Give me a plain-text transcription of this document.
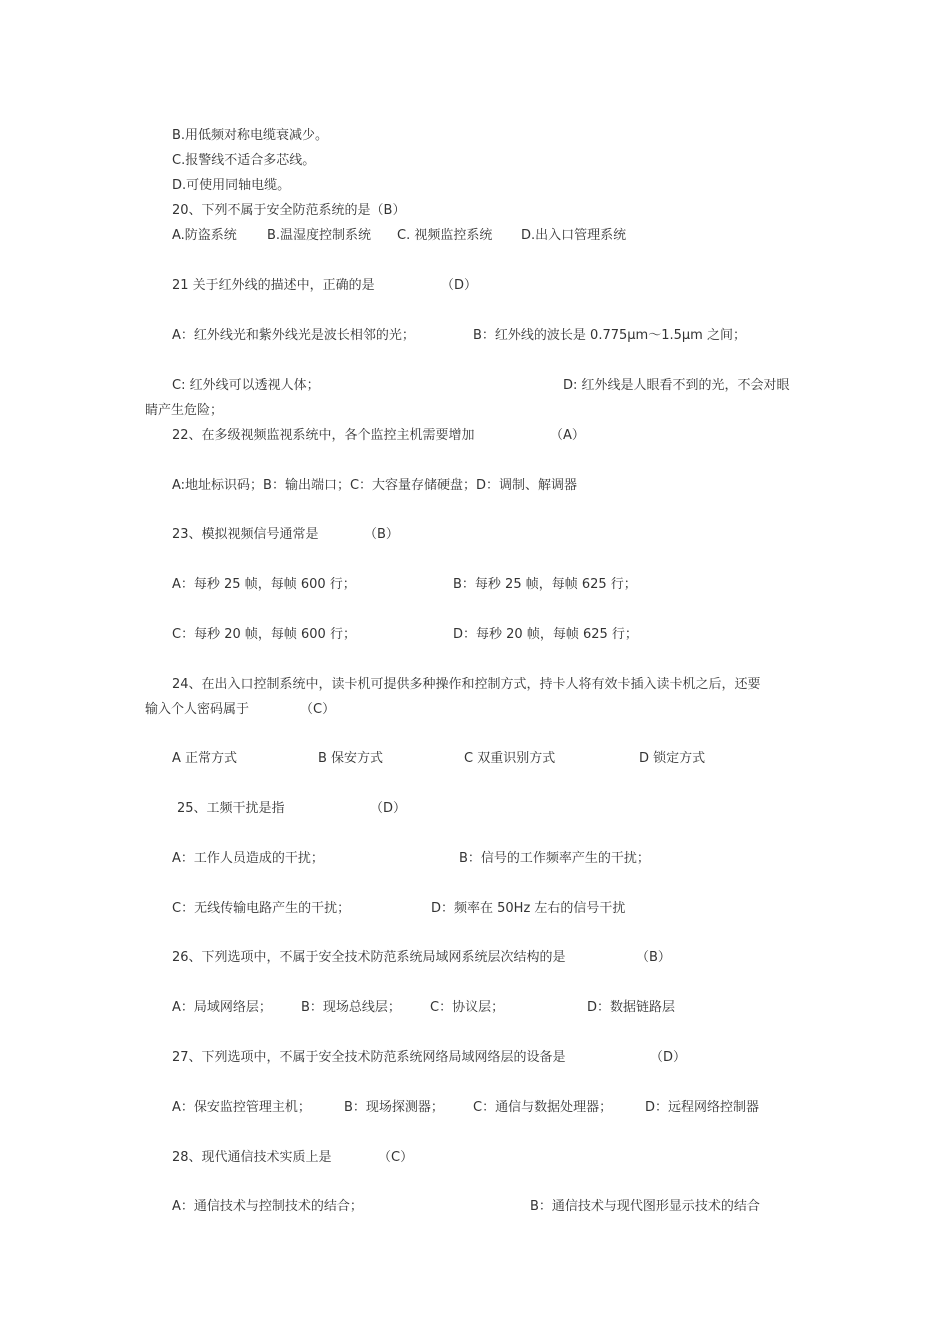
B.用低频对称电缆衰减少。
C.报警线不适合多芯线。
D.可使用同轴电缆。
20、下列不属于安全防范系统的是（B）
A.防盗系统 B.温湿度控制系统 C. 视频监控系统 D.出入口管理系统
21 关于红外线的描述中，正确的是	（D）
A：红外线光和紫外线光是波长相邻的光；	B：红外线的波长是 0.775μm～1.5μm 之间；
C: 红外线可以透视人体；	D: 红外线是人眼看不到的光，不会对眼
睛产生危险；
22、在多级视频监视系统中，各个监控主机需要增加	（A）
A:地址标识码；B：输出端口；C：大容量存储硬盘；D：调制、解调器
23、模拟视频信号通常是	（B）
A：每秒 25 帧，每帧 600 行；	B：每秒 25 帧，每帧 625 行；
C：每秒 20 帧，每帧 600 行；	D：每秒 20 帧，每帧 625 行；
24、在出入口控制系统中，读卡机可提供多种操作和控制方式，持卡人将有效卡插入读卡机之后，还要
输入个人密码属于	（C）
A 正常方式	B 保安方式	C 双重识别方式	D 锁定方式
25、工频干扰是指	（D）
A：工作人员造成的干扰；	B：信号的工作频率产生的干扰；
C：无线传输电路产生的干扰；	D：频率在 50Hz 左右的信号干扰
26、下列选项中，不属于安全技术防范系统局域网系统层次结构的是	（B）
A：局域网络层； B：现场总线层； C：协议层；	D：数据链路层
27、下列选项中，不属于安全技术防范系统网络局域网络层的设备是	（D）
A：保安监控管理主机；	B：现场探测器； C：通信与数据处理器；	D：远程网络控制器
28、现代通信技术实质上是	（C）
A：通信技术与控制技术的结合；	B：通信技术与现代图形显示技术的结合
